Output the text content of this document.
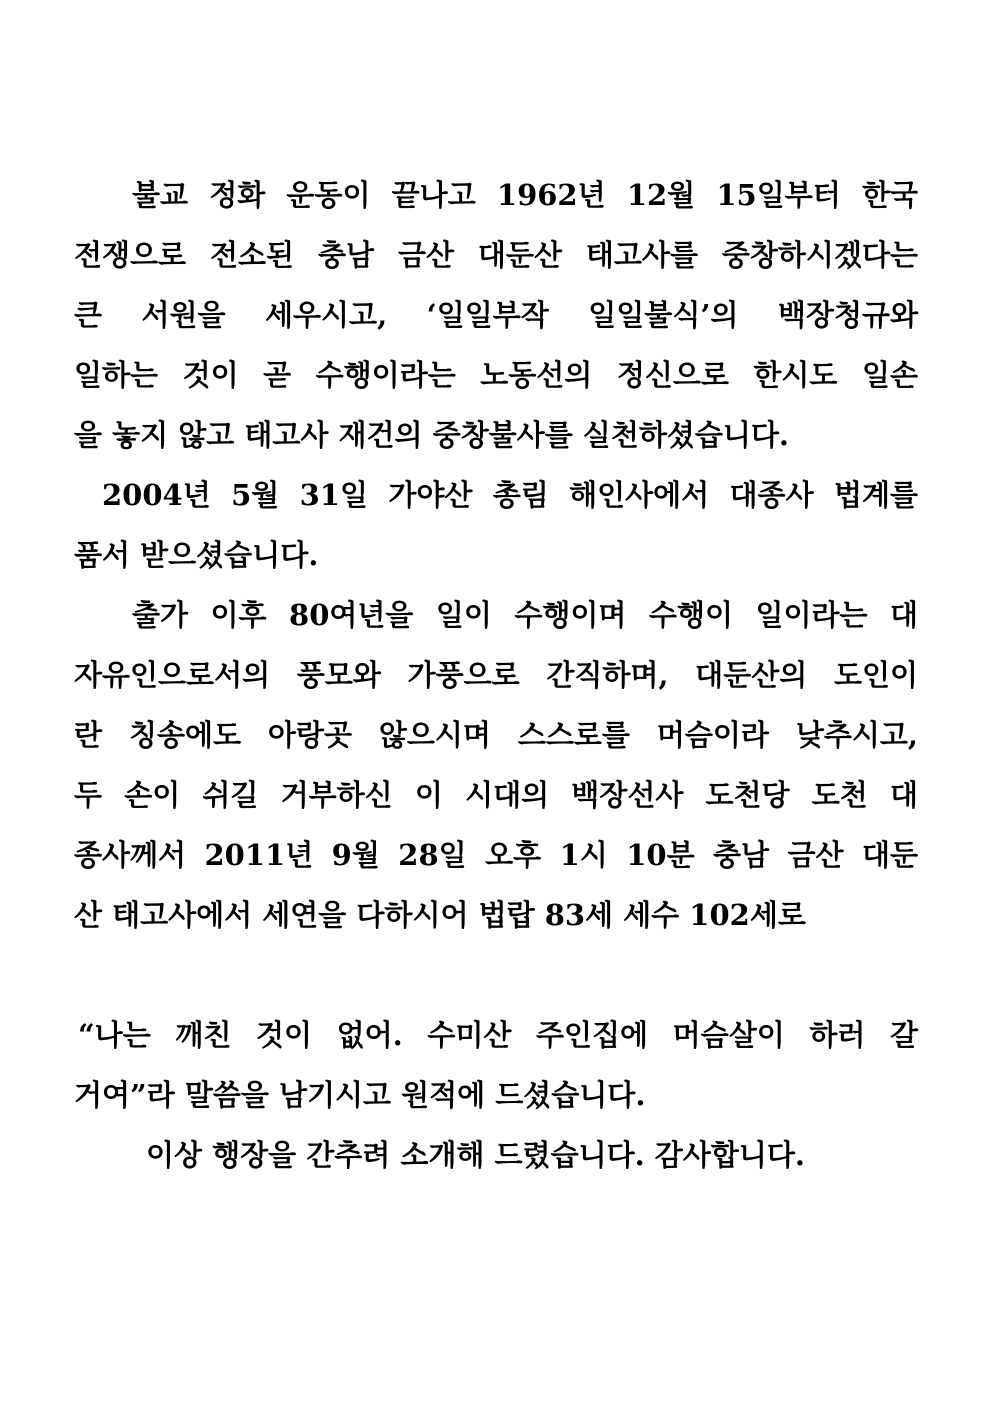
불교 정화 운동이 끝나고 1962년 12월 15일부터 한국
전쟁으로 전소된 충남 금산 대둔산 태고사를 중창하시겠다는
큰 서원을 세우시고, ‘일일부작 일일불식’의 백장청규와
일하는 것이 곧 수행이라는 노동선의 정신으로 한시도 일손
을 놓지 않고 태고사 재건의 중창불사를 실천하셨습니다.
2004년 5월 31일 가야산 총림 해인사에서 대종사 법계를
품서 받으셨습니다.
출가 이후 80여년을 일이 수행이며 수행이 일이라는 대
자유인으로서의 풍모와 가풍으로 간직하며, 대둔산의 도인이
란 칭송에도 아랑곳 않으시며 스스로를 머슴이라 낮추시고,
두 손이 쉬길 거부하신 이 시대의 백장선사 도천당 도천 대
종사께서 2011년 9월 28일 오후 1시 10분 충남 금산 대둔
산 태고사에서 세연을 다하시어 법랍 83세 세수 102세로
“나는 깨친 것이 없어. 수미산 주인집에 머슴살이 하러 갈
거여”라 말씀을 남기시고 원적에 드셨습니다.
이상 행장을 간추려 소개해 드렸습니다. 감사합니다.
